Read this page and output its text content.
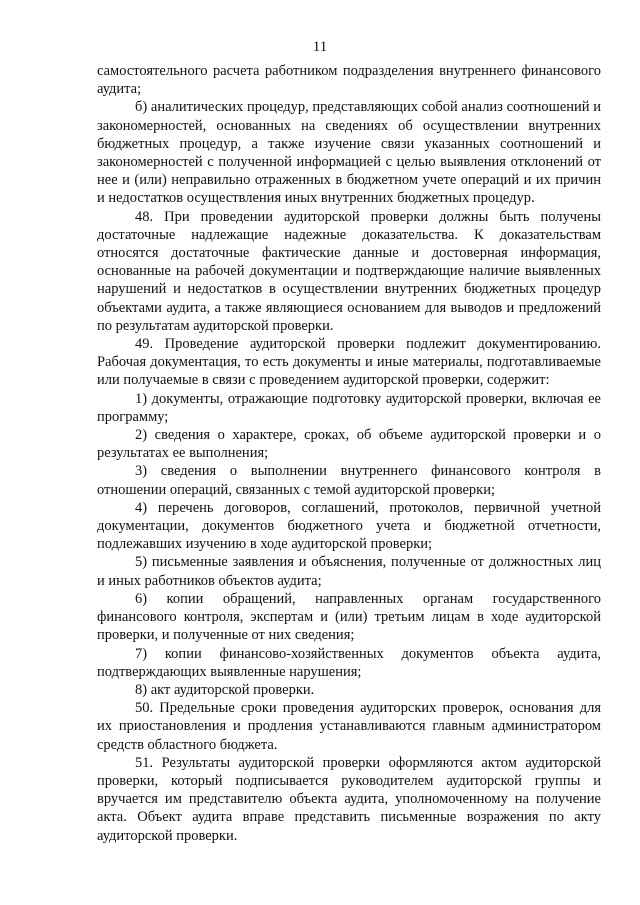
11

самостоятельного расчета работником подразделения внутреннего финансового аудита;

б) аналитических процедур, представляющих собой анализ соотношений и закономерностей, основанных на сведениях об осуществлении внутренних бюджетных процедур, а также изучение связи указанных соотношений и закономерностей с полученной информацией с целью выявления отклонений от нее и (или) неправильно отраженных в бюджетном учете операций и их причин и недостатков осуществления иных внутренних бюджетных процедур.

48. При проведении аудиторской проверки должны быть получены достаточные надлежащие надежные доказательства. К доказательствам относятся достаточные фактические данные и достоверная информация, основанные на рабочей документации и подтверждающие наличие выявленных нарушений и недостатков в осуществлении внутренних бюджетных процедур объектами аудита, а также являющиеся основанием для выводов и предложений по результатам аудиторской проверки.

49. Проведение аудиторской проверки подлежит документированию. Рабочая документация, то есть документы и иные материалы, подготавливаемые или получаемые в связи с проведением аудиторской проверки, содержит:

1) документы, отражающие подготовку аудиторской проверки, включая ее программу;

2) сведения о характере, сроках, об объеме аудиторской проверки и о результатах ее выполнения;

3) сведения о выполнении внутреннего финансового контроля в отношении операций, связанных с темой аудиторской проверки;

4) перечень договоров, соглашений, протоколов, первичной учетной документации, документов бюджетного учета и бюджетной отчетности, подлежавших изучению в ходе аудиторской проверки;

5) письменные заявления и объяснения, полученные от должностных лиц и иных работников объектов аудита;

6) копии обращений, направленных органам государственного финансового контроля, экспертам и (или) третьим лицам в ходе аудиторской проверки, и полученные от них сведения;

7) копии финансово-хозяйственных документов объекта аудита, подтверждающих выявленные нарушения;

8) акт аудиторской проверки.

50. Предельные сроки проведения аудиторских проверок, основания для их приостановления и продления устанавливаются главным администратором средств областного бюджета.

51. Результаты аудиторской проверки оформляются актом аудиторской проверки, который подписывается руководителем аудиторской группы и вручается им представителю объекта аудита, уполномоченному на получение акта. Объект аудита вправе представить письменные возражения по акту аудиторской проверки.
